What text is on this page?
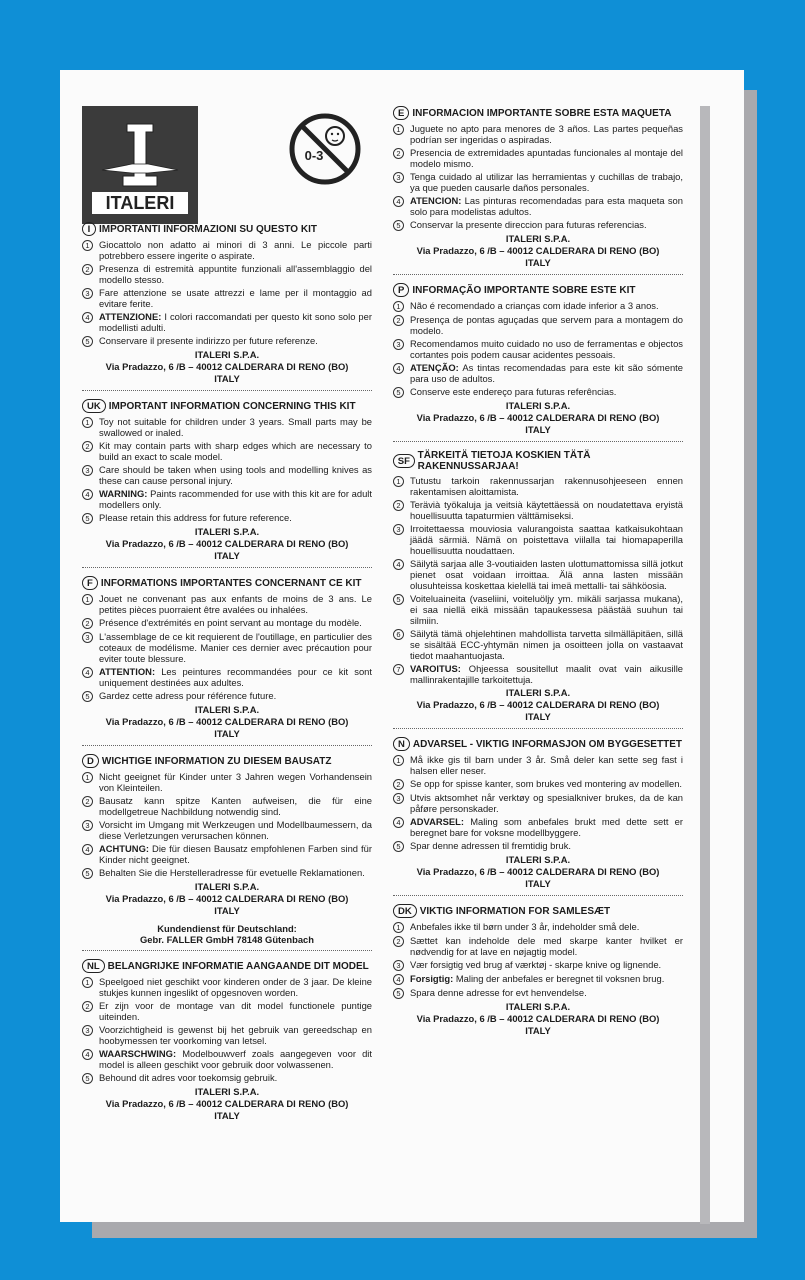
ITALERI
0-3
I IMPORTANTI INFORMAZIONI SU QUESTO KIT
1	Giocattolo non adatto ai minori di 3 anni. Le piccole parti potrebbero essere ingerite o aspirate.
2	Presenza di estremità appuntite funzionali all'assemblaggio del modello stesso.
3	Fare attenzione se usate attrezzi e lame per il montaggio ad evitare ferite.
4	ATTENZIONE: I colori raccomandati per questo kit sono solo per modellisti adulti.
5	Conservare il presente indirizzo per future referenze.
ITALERI S.P.A.
Via Pradazzo, 6 /B – 40012 CALDERARA DI RENO (BO)
ITALY
UK IMPORTANT INFORMATION CONCERNING THIS KIT
1	Toy not suitable for children under 3 years. Small parts may be swallowed or inaled.
2	Kit may contain parts with sharp edges which are necessary to build an exact to scale model.
3	Care should be taken when using tools and modelling knives as these can cause personal injury.
4	WARNING: Paints racommended for use with this kit are for adult modellers only.
5	Please retain this address for future reference.
ITALERI S.P.A.
Via Pradazzo, 6 /B – 40012 CALDERARA DI RENO (BO)
ITALY
F INFORMATIONS IMPORTANTES CONCERNANT CE KIT
1	Jouet ne convenant pas aux enfants de moins de 3 ans. Le petites pièces puorraient être avalées ou inhalées.
2	Présence d'extrémités en point servant au montage du modèle.
3	L'assemblage de ce kit requierent de l'outillage, en particulier des coteaux de modélisme. Manier ces dernier avec précaution pour eviter toute blessure.
4	ATTENTION: Les peintures recommandées pour ce kit sont uniquement destinées aux adultes.
5	Gardez cette adress pour référence future.
ITALERI S.P.A.
Via Pradazzo, 6 /B – 40012 CALDERARA DI RENO (BO)
ITALY
D WICHTIGE INFORMATION ZU DIESEM BAUSATZ
1	Nicht geeignet für Kinder unter 3 Jahren wegen Vorhandensein von Kleinteilen.
2	Bausatz kann spitze Kanten aufweisen, die für eine modellgetreue Nachbildung notwendig sind.
3	Vorsicht im Umgang mit Werkzeugen und Modellbaumessern, da diese Verletzungen verursachen können.
4	ACHTUNG: Die für diesen Bausatz empfohlenen Farben sind für Kinder nicht geeignet.
5	Behalten Sie die Herstelleradresse für evetuelle Reklamationen.
ITALERI S.P.A.
Via Pradazzo, 6 /B – 40012 CALDERARA DI RENO (BO)
ITALY
Kundendienst für Deutschland:
Gebr. FALLER GmbH 78148 Gütenbach
NL BELANGRIJKE INFORMATIE AANGAANDE DIT MODEL
1	Speelgoed niet geschikt voor kinderen onder de 3 jaar. De kleine stukjes kunnen ingeslikt of opgesnoven worden.
2	Er zijn voor de montage van dit model functionele puntige uiteinden.
3	Voorzichtigheid is gewenst bij het gebruik van gereedschap en hoobymessen ter voorkoming van letsel.
4	WAARSCHWING: Modelbouwverf zoals aangegeven voor dit model is alleen geschikt voor gebruik door volwassenen.
5	Behound dit adres voor toekomsig gebruik.
ITALERI S.P.A.
Via Pradazzo, 6 /B – 40012 CALDERARA DI RENO (BO)
ITALY
E INFORMACION IMPORTANTE SOBRE ESTA MAQUETA
1	Juguete no apto para menores de 3 años. Las partes pequeñas podrían ser ingeridas o aspiradas.
2	Presencia de extremidades apuntadas funcionales al montaje del modelo mismo.
3	Tenga cuidado al utilizar las herramientas y cuchillas de trabajo, ya que pueden causarle daños personales.
4	ATENCION: Las pinturas recomendadas para esta maqueta son solo para modelistas adultos.
5	Conservar la presente direccion para futuras referencias.
ITALERI S.P.A.
Via Pradazzo, 6 /B – 40012 CALDERARA DI RENO (BO)
ITALY
P INFORMAÇÃO IMPORTANTE SOBRE ESTE KIT
1	Não é recomendado a crianças com idade inferior a 3 anos.
2	Presença de pontas aguçadas que servem para a montagem do modelo.
3	Recomendamos muito cuidado no uso de ferramentas e objectos cortantes pois podem causar acidentes pessoais.
4	ATENÇÃO: As tintas recomendadas para este kit são sómente para uso de adultos.
5	Conserve este endereço para futuras referências.
ITALERI S.P.A.
Via Pradazzo, 6 /B – 40012 CALDERARA DI RENO (BO)
ITALY
SF TÄRKEITÄ TIETOJA KOSKIEN TÄTÄ RAKENNUSSARJAA!
1	Tutustu tarkoin rakennussarjan rakennusohjeeseen ennen rakentamisen aloittamista.
2	Terävià työkaluja ja veitsià käytettäessä on noudatettava eryistä houellisuutta tapaturmien välttämiseksi.
3	Irroitettaessa mouviosia valurangoista saattaa katkaisukohtaan jäädä särmiä. Nämä on poistettava viilalla tai hiomapaperilla houellisuutta noudattaen.
4	Säilytä sarjaa alle 3-voutiaiden lasten ulottumattomissa sillä jotkut pienet osat voidaan irroittaa. Älä anna lasten missään olusuhteissa koskettaa kielellä tai imeä mettalli- tai sähköosia.
5	Voiteluaineita (vaseliini, voiteluöljy ym. mikäli sarjassa mukana), ei saa niellä eikä missään tapaukessesa päästää suuhun tai silmiin.
6	Säilytä tämä ohjelehtinen mahdollista tarvetta silmälläpitäen, sillä se sisältää ECC-yhtymän nimen ja osoitteen jolla on vastaavat tiedot maahantuojasta.
7	VAROITUS: Ohjeessa sousitellut maalit ovat vain aikusille mallinrakentajille tarkoitettuja.
ITALERI S.P.A.
Via Pradazzo, 6 /B – 40012 CALDERARA DI RENO (BO)
ITALY
N ADVARSEL - VIKTIG INFORMASJON OM BYGGESETTET
1	Må ikke gis til barn under 3 år. Små deler kan sette seg fast i halsen eller neser.
2	Se opp for spisse kanter, som brukes ved montering av modellen.
3	Utvis aktsomhet når verktøy og spesialkniver brukes, da de kan påføre personskader.
4	ADVARSEL: Maling som anbefales brukt med dette sett er beregnet bare for voksne modellbyggere.
5	Spar denne adressen til fremtidig bruk.
ITALERI S.P.A.
Via Pradazzo, 6 /B – 40012 CALDERARA DI RENO (BO)
ITALY
DK VIKTIG INFORMATION FOR SAMLESÆT
1	Anbefales ikke til børn under 3 år, indeholder små dele.
2	Sættet kan indeholde dele med skarpe kanter hvilket er nødvendig for at lave en nøjagtig model.
3	Vær forsigtig ved brug af værktøj - skarpe knive og lignende.
4	Forsigtig: Maling der anbefales er beregnet til voksnen brug.
5	Spara denne adresse for evt henvendelse.
ITALERI S.P.A.
Via Pradazzo, 6 /B – 40012 CALDERARA DI RENO (BO)
ITALY
